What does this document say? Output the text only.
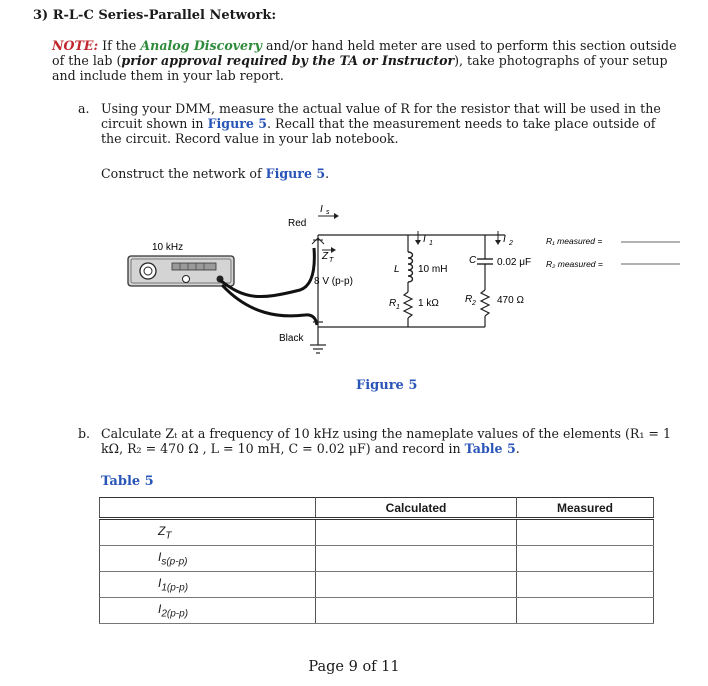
3) R-L-C Series-Parallel Network:
NOTE: If the Analog Discovery and/or hand held meter are used to perform this section outside of the lab (prior approval required by the TA or Instructor), take photographs of your setup and include them in your lab report.
a. Using your DMM, measure the actual value of R for the resistor that will be used in the circuit shown in Figure 5. Recall that the measurement needs to take place outside of the circuit. Record value in your lab notebook.
Construct the network of Figure 5.
10 kHz
Red
I s
Black
Z T
8 V (p-p)
L 10 mH
R 1 1 kΩ
I 1
C 0.02 μF
R 2 470 Ω
I 2	R₁ measured =
R₂ measured =
Figure 5
b. Calculate Zₜ at a frequency of 10 kHz using the nameplate values of the elements (R₁ = 1 kΩ, R₂ = 470 Ω , L = 10 mH, C = 0.02 μF) and record in Table 5.
Table 5
	Calculated	Measured
$Z_T$		
$I_{s(p-p)}$		
$I_{1(p-p)}$		
$I_{2(p-p)}$		
Page 9 of 11
